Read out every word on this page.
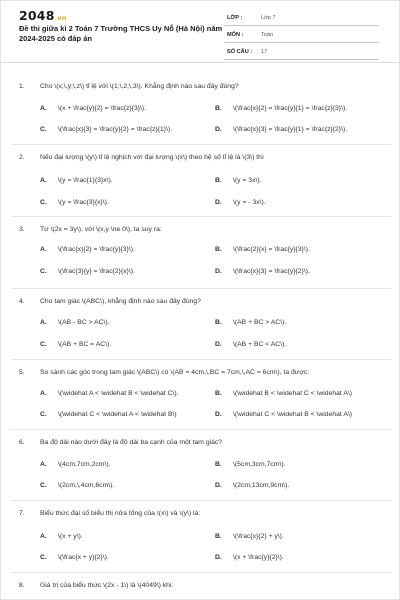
2048.vn
Đề thi giữa kì 2 Toán 7 Trường THCS Uy Nỗ (Hà Nội) năm 2024-2025 có đáp án
LỚP :	Lớp 7
MÔN :	Toán
SỐ CÂU : 17
1. Cho \(x;\,y;\,z\) tỉ lệ với \(1;\,2;\,3\). Khẳng định nào sau đây đúng?
A. \(x + \frac{y}{2} = \frac{z}{3}\).	B. \(\frac{x}{2} = \frac{y}{1} = \frac{z}{3}\).
C. \(\frac{x}{3} = \frac{y}{2} = \frac{z}{1}\).	D. \(\frac{x}{3} = \frac{y}{1} = \frac{z}{2}\).
2. Nếu đại lượng \(y\) tỉ lệ nghịch với đại lượng \(x\) theo hệ số tỉ lệ là \(3\) thì
A. \(y = \frac{1}{3}x\).	B. \(y = 3x\).
C. \(y = \frac{3}{x}\).	D. \(y = - 3x\).
3. Từ \(2x = 3y\), với \(x,y \ne 0\), ta suy ra:
A. \(\frac{x}{2} = \frac{y}{3}\).	B. \(\frac{2}{x} = \frac{y}{3}\).
C. \(\frac{3}{y} = \frac{2}{x}\).	D. \(\frac{x}{3} = \frac{y}{2}\).
4. Cho tam giác \(ABC\), khẳng định nào sau đây đúng?
A. \(AB - BC > AC\).	B. \(AB + BC > AC\).
C. \(AB + BC = AC\).	D. \(AB + BC < AC\).
5. So sánh các góc trong tam giác \(ABC\) có \(AB = 4cm,\,BC = 7cm,\,AC = 6cm\), ta được:
A. \(\widehat A < \widehat B < \widehat C\).	B. \(\widehat B < \widehat C < \widehat A\)
C. \(\widehat C < \widehat A < \widehat B\)	D. \(\widehat C < \widehat B < \widehat A\)
6. Ba độ dài nào dưới đây là độ dài ba cạnh của một tam giác?
A. \(4cm,7cm,2cm\).	B. \(5cm,3cm,7cm\).
C. \(2cm,\,4cm,6cm\).	D. \(2cm,13cm,9cm\).
7. Biểu thức đại số biểu thị nửa tổng của \(x\) và \(y\) là:
A. \(x + y\).	B. \(\frac{x}{2} + y\).
C. \(\frac{x + y}{2}\).	D. \(x + \frac{y}{2}\).
8. Giá trị của biểu thức \(2x - 1\) là \(4049\) khi:
